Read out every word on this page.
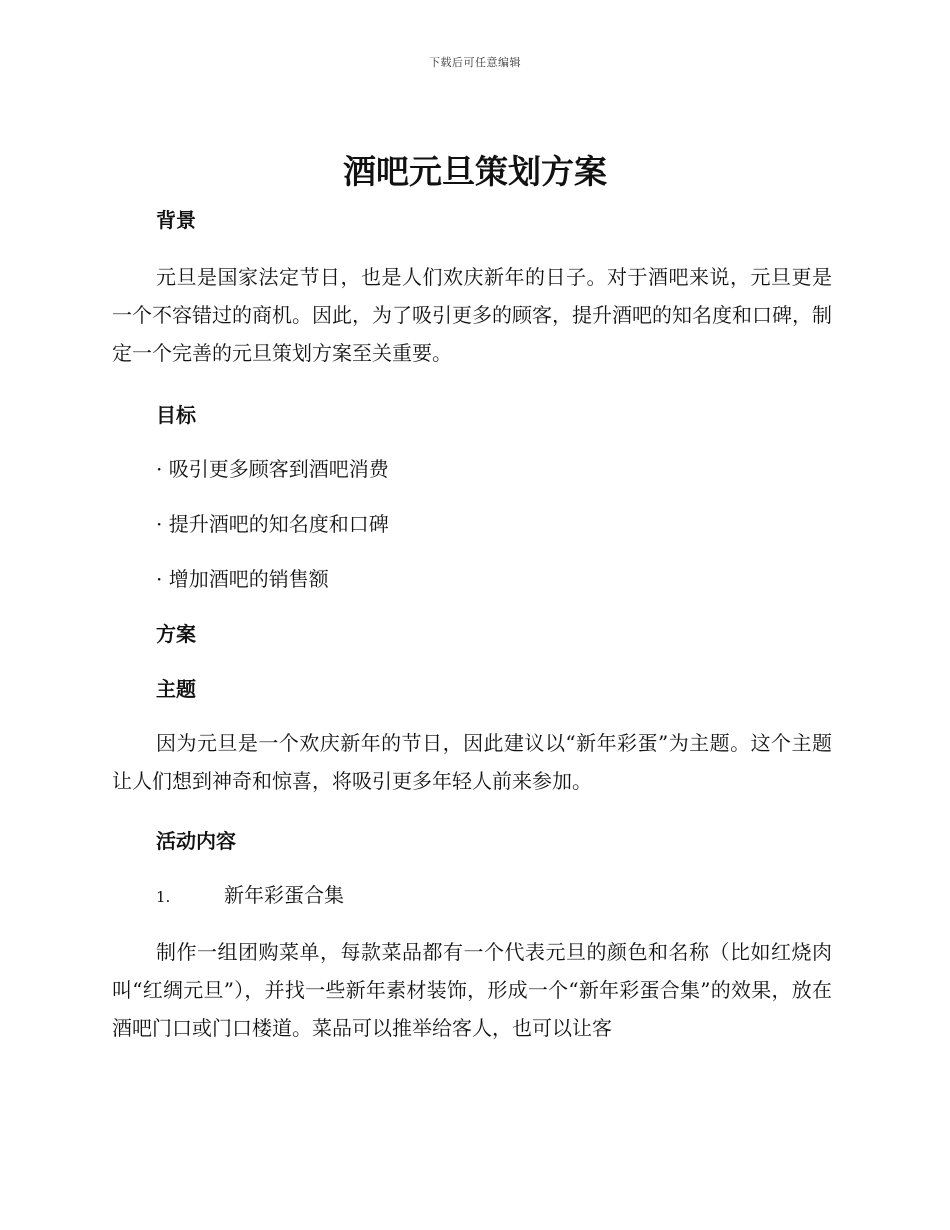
下载后可任意编辑
酒吧元旦策划方案
背景

元旦是国家法定节日，也是人们欢庆新年的日子。对于酒吧来说，元旦更是一个不容错过的商机。因此，为了吸引更多的顾客，提升酒吧的知名度和口碑，制定一个完善的元旦策划方案至关重要。

目标

· 吸引更多顾客到酒吧消费

· 提升酒吧的知名度和口碑

· 增加酒吧的销售额

方案
主题

因为元旦是一个欢庆新年的节日，因此建议以“新年彩蛋”为主题。这个主题让人们想到神奇和惊喜，将吸引更多年轻人前来参加。

活动内容
1.	新年彩蛋合集

制作一组团购菜单，每款菜品都有一个代表元旦的颜色和名称（比如红烧肉叫“红绸元旦”），并找一些新年素材装饰，形成一个“新年彩蛋合集”的效果，放在酒吧门口或门口楼道。菜品可以推举给客人，也可以让客
